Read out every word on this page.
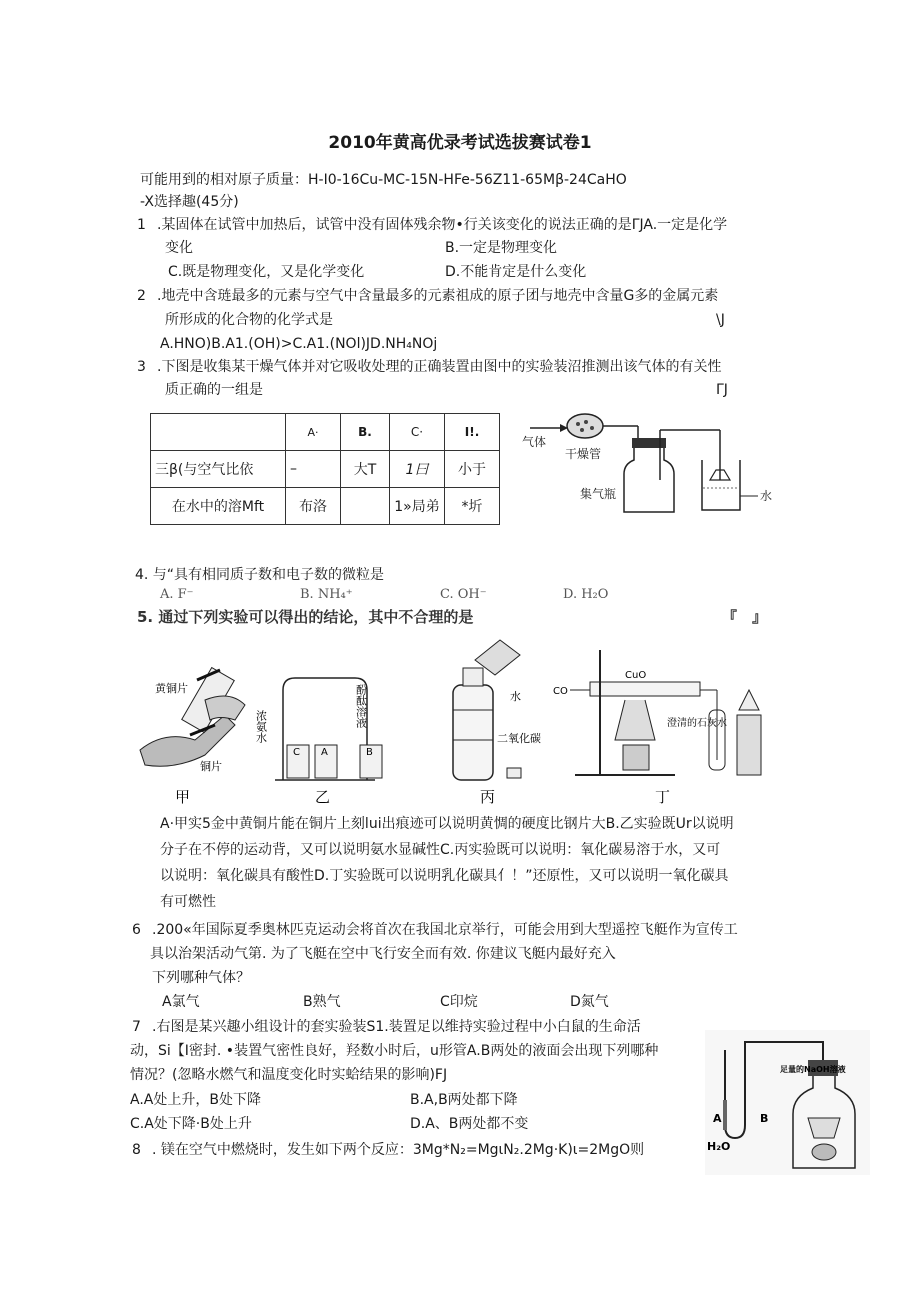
2010年黄高优录考试选拔赛试卷1
可能用到的相对原子质量：H-I0-16Cu-MC-15N-HFe-56Z11-65Mβ-24CaHO
-X选择趣(45分)
1 .某固体在试管中加热后，试管中没有固体残余物•行关该变化的说法正确的是ΓJA.一定是化学
变化	B.一定是物理变化
C.既是物理变化，又是化学变化	D.不能肯定是什么变化
2 .地壳中含琏最多的元素与空气中含量最多的元素祖成的原子团与地壳中含量G多的金属元素
所形成的化合物的化学式是	\J
A.HNO)B.A1.(OH)>C.A1.(NOl)JD.NH₄NOj
3 .下图是收集某干燥气体并对它吸收处理的正确装置由图中的实验装沼推测出该气体的有关性
质正确的一组是	ΓJ
	A·	B.	C·	I!.
三β(与空气比依	–	大T	1曰	小于
在水中的溶Mft	布洛		1»局弟	*圻
气体
干燥管
集气瓶	水
4. 与“具有相同质子数和电子数的微粒是
A. F⁻	B. NH₄⁺	C. OH⁻	D. H₂O
5. 通过下列实验可以得出的结论，其中不合理的是	『　』
黄铜片
铜片
甲
C A	B
浓氨水	酚酞溶液
乙
水
二氧化碳
丙
CO
CuO
澄清的石灰水
丁
A·甲实5金中黄铜片能在铜片上刻lui出痕迹可以说明黄惆的硬度比钢片大B.乙实验既Ur以说明
分子在不停的运动背，又可以说明氨水显碱性C.丙实验既可以说明：氧化碳易溶于水，又可
以说明：氧化碳具有酸性D.丁实验既可以说明乳化碳具亻！”还原性，又可以说明一氧化碳具
有可燃性
6 .200«年国际夏季奥林匹克运动会将首次在我国北京举行，可能会用到大型遥控飞艇作为宣传工
具以治架活动气第. 为了飞艇在空中飞行安全而有效. 你建议飞艇内最好充入
下列哪种气体？
A氯气	B熟气	C印烷	D氮气
7 .右图是某兴趣小组设计的套实验装S1.装置足以维持实验过程中小白鼠的生命活
动，Si【I密封. •装置气密性良好，羟数小时后，u形管A.B两处的液面会出现下列哪种
情况？(忽略水燃气和温度变化时实蛤结果的影响)FJ
A.A处上升，B处下降	B.A,B两处都下降
C.A处下降·B处上升	D.A、B两处都不变	A	B
足量的NaOH溶液
H₂O
8 . 镁在空气中燃烧时，发生如下两个反应：3Mg*N₂=MgιN₂.2Mg·K)ι=2MgO则
